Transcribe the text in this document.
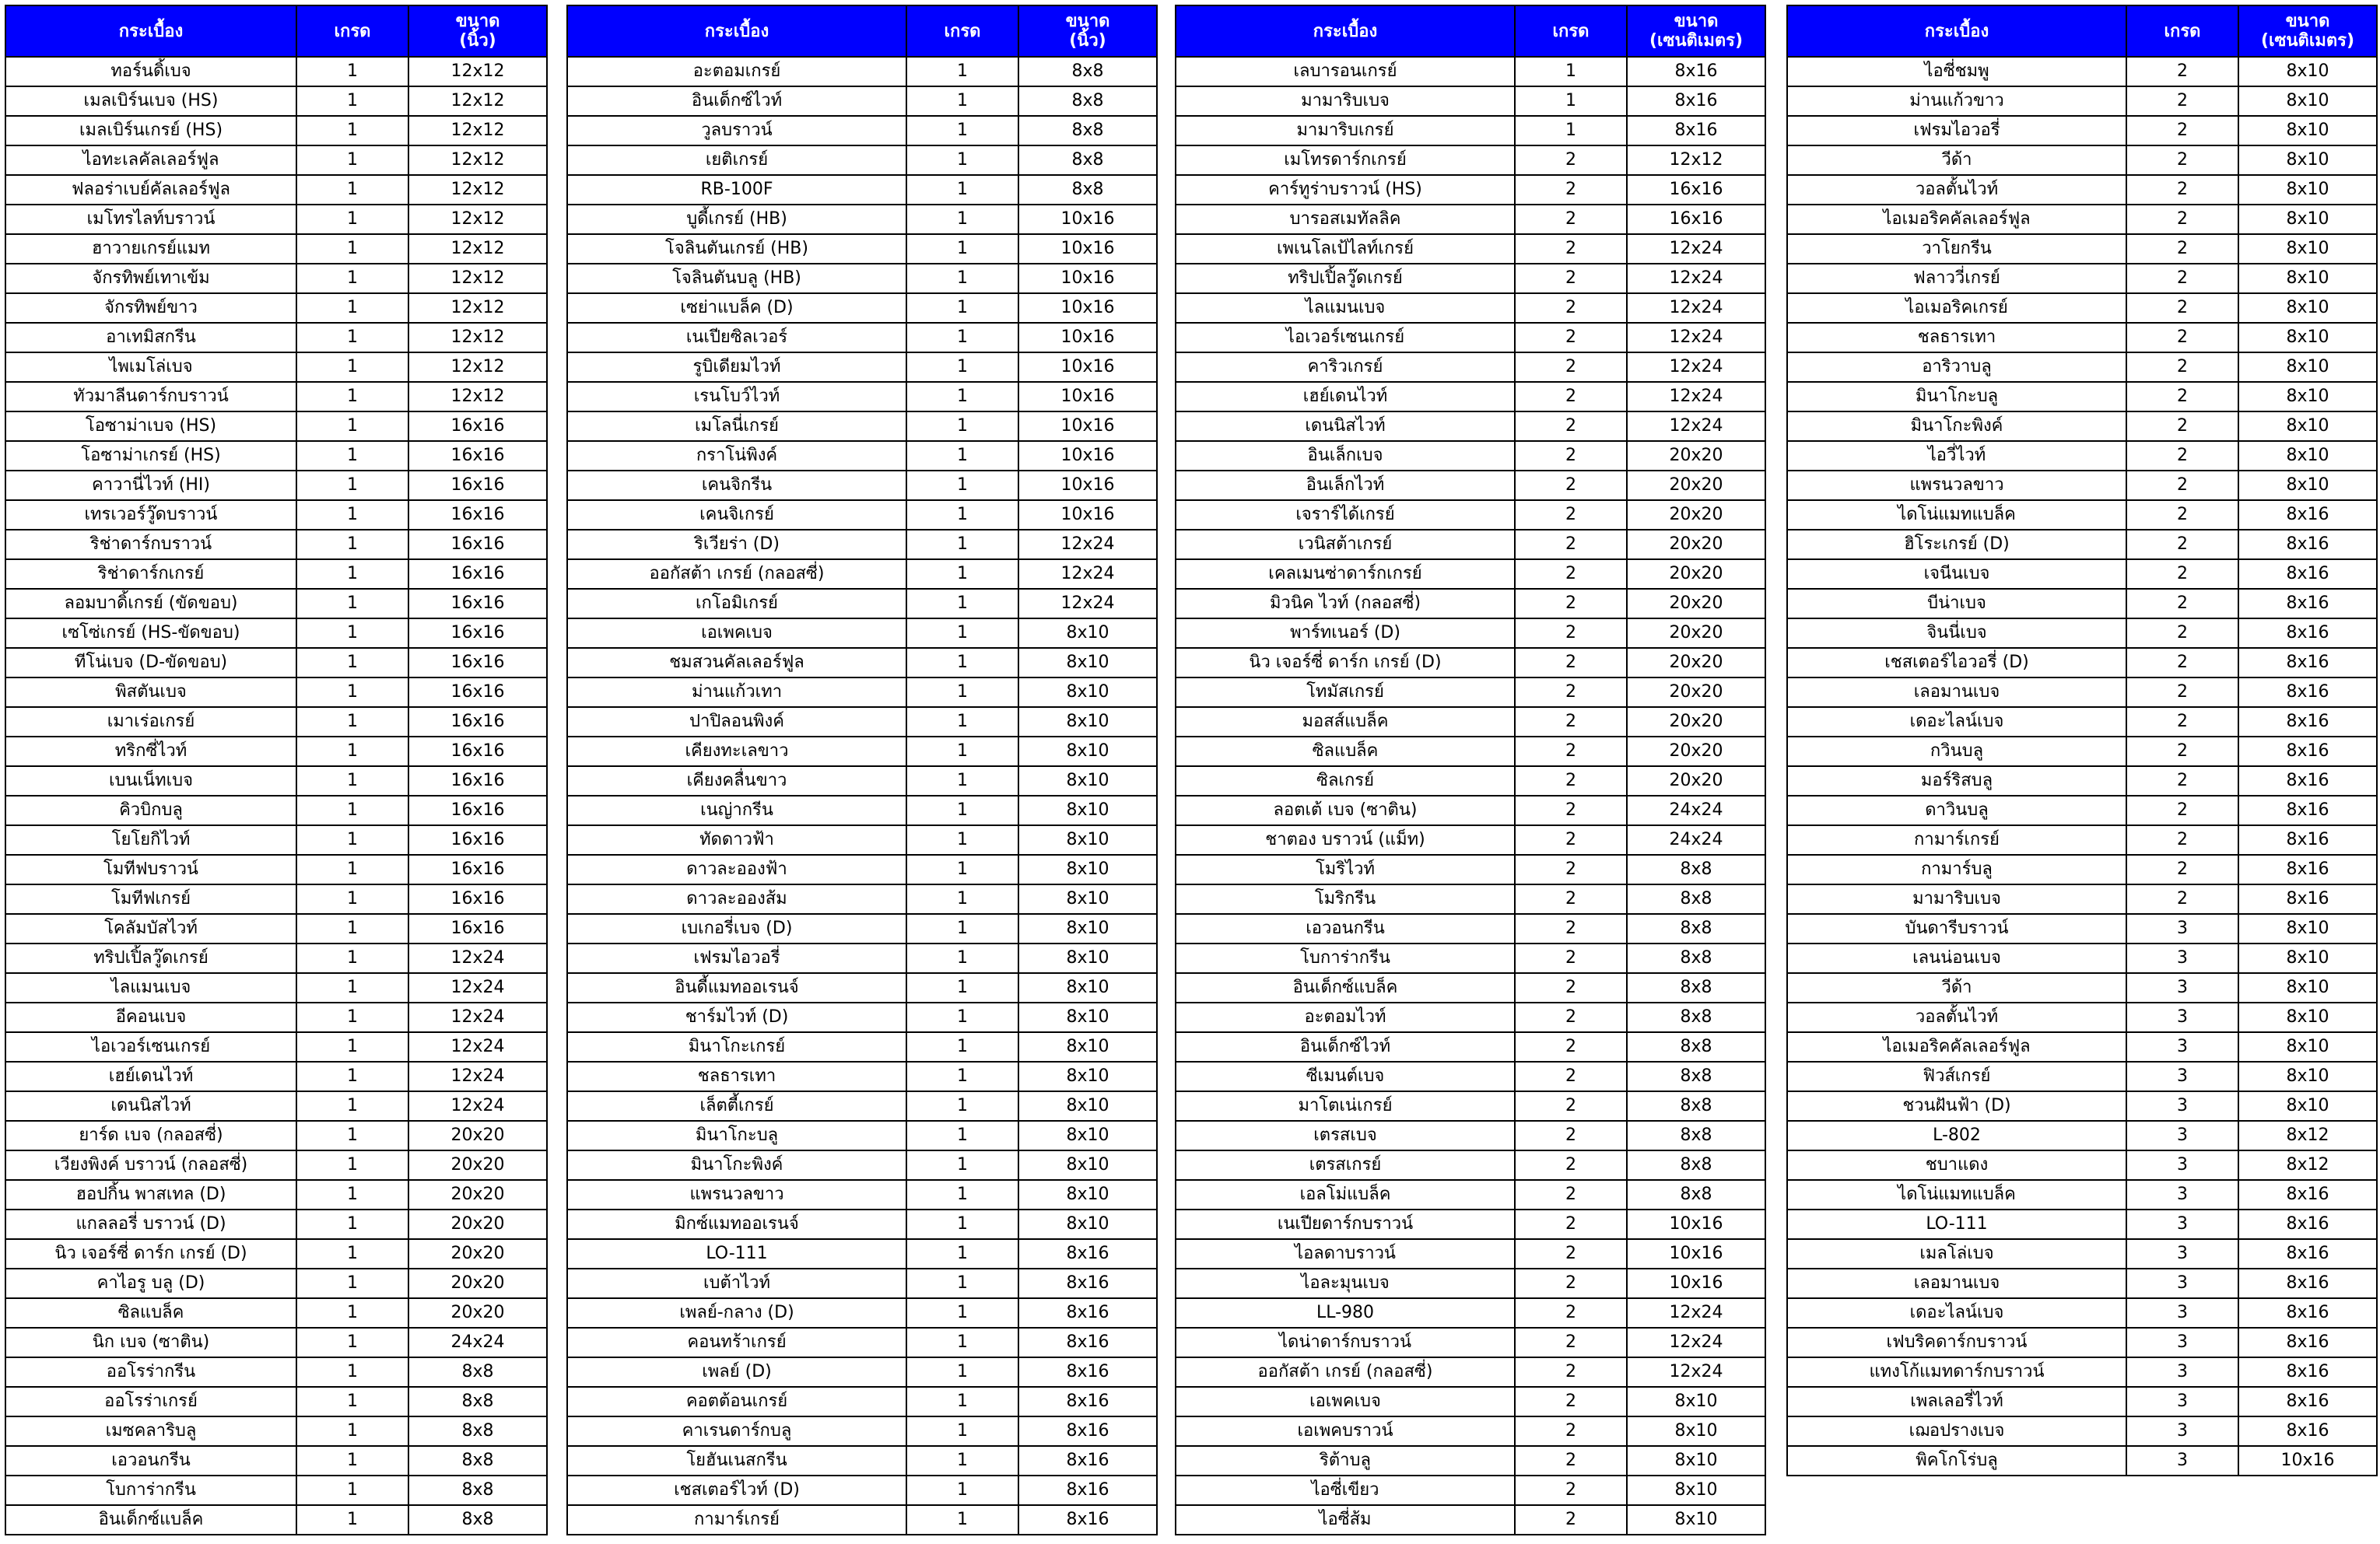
กระเบื้อง	เกรด	ขนาด
(นิ้ว)
ทอร์นดิ้เบจ	1	12x12
เมลเบิร์นเบจ (HS)	1	12x12
เมลเบิร์นเกรย์ (HS)	1	12x12
ไอทะเลคัลเลอร์ฟูล	1	12x12
ฟลอร่าเบย์คัลเลอร์ฟูล	1	12x12
เมโทรไลท์บราวน์	1	12x12
ฮาวายเกรย์แมท	1	12x12
จักรทิพย์เทาเข้ม	1	12x12
จักรทิพย์ขาว	1	12x12
อาเทมิสกรีน	1	12x12
ไพเมโล่เบจ	1	12x12
ทัวมาลีนดาร์กบราวน์	1	12x12
โอซาม่าเบจ (HS)	1	16x16
โอซาม่าเกรย์ (HS)	1	16x16
คาวานี่ไวท์ (HI)	1	16x16
เทรเวอร์วู๊ดบราวน์	1	16x16
ริช่าดาร์กบราวน์	1	16x16
ริช่าดาร์กเกรย์	1	16x16
ลอมบาดิ้เกรย์ (ขัดขอบ)	1	16x16
เซโซ่เกรย์ (HS-ขัดขอบ)	1	16x16
ทีโน่เบจ (D-ขัดขอบ)	1	16x16
พิสตันเบจ	1	16x16
เมาเร่อเกรย์	1	16x16
ทริกซี่ไวท์	1	16x16
เบนเน็ทเบจ	1	16x16
คิวบิกบลู	1	16x16
โยโยกิไวท์	1	16x16
โมทีฟบราวน์	1	16x16
โมทีฟเกรย์	1	16x16
โคลัมบัสไวท์	1	16x16
ทริปเปิ้ลวู๊ดเกรย์	1	12x24
ไลแมนเบจ	1	12x24
อีคอนเบจ	1	12x24
ไอเวอร์เซนเกรย์	1	12x24
เฮย์เดนไวท์	1	12x24
เดนนิสไวท์	1	12x24
ยาร์ด เบจ (กลอสซี่)	1	20x20
เวียงพิงค์ บราวน์ (กลอสซี่)	1	20x20
ฮอปกิ้น พาสเทล (D)	1	20x20
แกลลอรี่ บราวน์ (D)	1	20x20
นิว เจอร์ซี่ ดาร์ก เกรย์ (D)	1	20x20
คาไอรู บลู (D)	1	20x20
ซิลแบล็ค	1	20x20
นิก เบจ (ซาติน)	1	24x24
ออโรร่ากรีน	1	8x8
ออโรร่าเกรย์	1	8x8
เมซคลาริบลู	1	8x8
เอวอนกรีน	1	8x8
โบการ่ากรีน	1	8x8
อินเด็กซ์แบล็ค	1	8x8
กระเบื้อง	เกรด	ขนาด
(นิ้ว)
อะตอมเกรย์	1	8x8
อินเด็กซ์ไวท์	1	8x8
วูลบราวน์	1	8x8
เยติเกรย์	1	8x8
RB-100F	1	8x8
บูดี้เกรย์ (HB)	1	10x16
โจลินตันเกรย์ (HB)	1	10x16
โจลินตันบลู (HB)	1	10x16
เซย่าแบล็ค (D)	1	10x16
เนเปียซิลเวอร์	1	10x16
รูบิเดียมไวท์	1	10x16
เรนโบว์ไวท์	1	10x16
เมโลนี่เกรย์	1	10x16
กราโน่พิงค์	1	10x16
เคนจิกรีน	1	10x16
เคนจิเกรย์	1	10x16
ริเวียร่า (D)	1	12x24
ออกัสต้า เกรย์ (กลอสซี่)	1	12x24
เกโอมิเกรย์	1	12x24
เอเพคเบจ	1	8x10
ชมสวนคัลเลอร์ฟูล	1	8x10
ม่านแก้วเทา	1	8x10
ปาปิลอนพิงค์	1	8x10
เคียงทะเลขาว	1	8x10
เคียงคลื่นขาว	1	8x10
เนญ่ากรีน	1	8x10
ทัดดาวฟ้า	1	8x10
ดาวละอองฟ้า	1	8x10
ดาวละอองส้ม	1	8x10
เบเกอรี่เบจ (D)	1	8x10
เฟรมไอวอรี่	1	8x10
อินดี้แมทออเรนจ์	1	8x10
ชาร์มไวท์ (D)	1	8x10
มินาโกะเกรย์	1	8x10
ชลธารเทา	1	8x10
เล็ตตี้เกรย์	1	8x10
มินาโกะบลู	1	8x10
มินาโกะพิงค์	1	8x10
แพรนวลขาว	1	8x10
มิกซ์แมทออเรนจ์	1	8x10
LO-111	1	8x16
เบต้าไวท์	1	8x16
เพลย์-กลาง (D)	1	8x16
คอนทร้าเกรย์	1	8x16
เพลย์ (D)	1	8x16
คอตต้อนเกรย์	1	8x16
คาเรนดาร์กบลู	1	8x16
โยฮันเนสกรีน	1	8x16
เชสเตอร์ไวท์ (D)	1	8x16
กามาร์เกรย์	1	8x16
กระเบื้อง	เกรด	ขนาด
(เซนติเมตร)
เลบารอนเกรย์	1	8x16
มามาริบเบจ	1	8x16
มามาริบเกรย์	1	8x16
เมโทรดาร์กเกรย์	2	12x12
คาร์ทูร่าบราวน์ (HS)	2	16x16
บารอสเมทัลลิค	2	16x16
เพเนโลเป้ไลท์เกรย์	2	12x24
ทริปเปิ้ลวู๊ดเกรย์	2	12x24
ไลแมนเบจ	2	12x24
ไอเวอร์เซนเกรย์	2	12x24
คาริวเกรย์	2	12x24
เฮย์เดนไวท์	2	12x24
เดนนิสไวท์	2	12x24
อินเล็กเบจ	2	20x20
อินเล็กไวท์	2	20x20
เจราร์ได้เกรย์	2	20x20
เวนิสต้าเกรย์	2	20x20
เคลเมนซ่าดาร์กเกรย์	2	20x20
มิวนิค ไวท์ (กลอสซี่)	2	20x20
พาร์ทเนอร์ (D)	2	20x20
นิว เจอร์ซี่ ดาร์ก เกรย์ (D)	2	20x20
โทมัสเกรย์	2	20x20
มอสส์แบล็ค	2	20x20
ซิลแบล็ค	2	20x20
ซิลเกรย์	2	20x20
ลอตเต้ เบจ (ซาติน)	2	24x24
ชาตอง บราวน์ (แม็ท)	2	24x24
โมริไวท์	2	8x8
โมริกรีน	2	8x8
เอวอนกรีน	2	8x8
โบการ่ากรีน	2	8x8
อินเด็กซ์แบล็ค	2	8x8
อะตอมไวท์	2	8x8
อินเด็กซ์ไวท์	2	8x8
ซีเมนต์เบจ	2	8x8
มาโตเน่เกรย์	2	8x8
เตรสเบจ	2	8x8
เตรสเกรย์	2	8x8
เอลโม่แบล็ค	2	8x8
เนเปียดาร์กบราวน์	2	10x16
ไอลดาบราวน์	2	10x16
ไอละมุนเบจ	2	10x16
LL-980	2	12x24
ไดน่าดาร์กบราวน์	2	12x24
ออกัสต้า เกรย์ (กลอสซี่)	2	12x24
เอเพคเบจ	2	8x10
เอเพคบราวน์	2	8x10
ริต้าบลู	2	8x10
ไอซี่เขียว	2	8x10
ไอซี่ส้ม	2	8x10
กระเบื้อง	เกรด	ขนาด
(เซนติเมตร)
ไอซี่ชมพู	2	8x10
ม่านแก้วขาว	2	8x10
เฟรมไอวอรี่	2	8x10
วีด้า	2	8x10
วอลตั้นไวท์	2	8x10
ไอเมอริคคัลเลอร์ฟูล	2	8x10
วาโยกรีน	2	8x10
ฟลาววี่เกรย์	2	8x10
ไอเมอริคเกรย์	2	8x10
ชลธารเทา	2	8x10
อาริวาบลู	2	8x10
มินาโกะบลู	2	8x10
มินาโกะพิงค์	2	8x10
ไอวี่ไวท์	2	8x10
แพรนวลขาว	2	8x10
ไดโน่แมทแบล็ค	2	8x16
ฮิโระเกรย์ (D)	2	8x16
เจนีนเบจ	2	8x16
บีน่าเบจ	2	8x16
จินนี่เบจ	2	8x16
เชสเตอร์ไอวอรี่ (D)	2	8x16
เลอมานเบจ	2	8x16
เดอะไลน์เบจ	2	8x16
กวินบลู	2	8x16
มอร์ริสบลู	2	8x16
ดาวินบลู	2	8x16
กามาร์เกรย์	2	8x16
กามาร์บลู	2	8x16
มามาริบเบจ	2	8x16
บันดารีบราวน์	3	8x10
เลนน่อนเบจ	3	8x10
วีด้า	3	8x10
วอลตั้นไวท์	3	8x10
ไอเมอริคคัลเลอร์ฟูล	3	8x10
ฟิวส์เกรย์	3	8x10
ชวนฝันฟ้า (D)	3	8x10
L-802	3	8x12
ชบาแดง	3	8x12
ไดโน่แมทแบล็ค	3	8x16
LO-111	3	8x16
เมลโล่เบจ	3	8x16
เลอมานเบจ	3	8x16
เดอะไลน์เบจ	3	8x16
เฟบริคดาร์กบราวน์	3	8x16
แทงโก้แมทดาร์กบราวน์	3	8x16
เพลเลอรี่ไวท์	3	8x16
เฌอปรางเบจ	3	8x16
พิคโกโร่บลู	3	10x16
